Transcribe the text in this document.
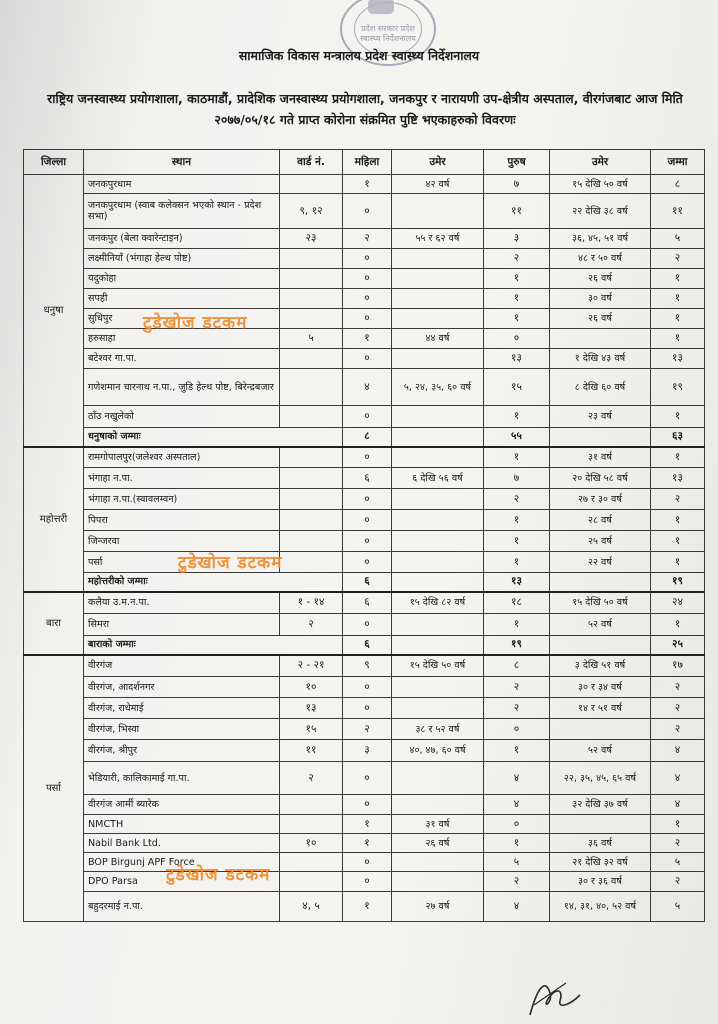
प्रदेश सरकार प्रदेश स्वास्थ्य निर्देशनालय
सामाजिक विकास मन्त्रालय प्रदेश स्वास्थ्य निर्देशनालय
राष्ट्रिय जनस्वास्थ्य प्रयोगशाला, काठमाडौं, प्रादेशिक जनस्वास्थ्य प्रयोगशाला, जनकपुर र नारायणी उप-क्षेत्रीय अस्पताल, वीरगंजबाट आज मिति २०७७/०५/१८ गते प्राप्त कोरोना संक्रमित पुष्टि भएकाहरुको विवरणः
जिल्ला	स्थान	वार्ड नं.	महिला	उमेर	पुरुष	उमेर	जम्मा
धनुषा	जनकपुरधाम		१	४२ वर्ष	७	१५ देखि ५० वर्ष	८
	जनकपुरधाम (स्वाब कलेक्सन भएको स्थान - प्रदेश सभा)	९, १२	०		११	२२ देखि ३८ वर्ष	११
	जनकपुर (बेला क्वारेन्टाइन)	२३	२	५५ र ६२ वर्ष	३	३६, ४५, ५१ वर्ष	५
	लक्ष्मीनियाँ (भंगाहा हेल्थ पोष्ट)		०		२	४८ र ५० वर्ष	२
	यदुकोहा		०		१	२६ वर्ष	१
	सपही		०		१	३० वर्ष	१
	सुधिपुर		०		१	२६ वर्ष	१
	हरुसाहा	५	१	४४ वर्ष	०		१
	बटेश्वर गा.पा.		०		१३	१ देखि ४३ वर्ष	१३
	गणेशमान चारनाथ न.पा., जुडि हेल्थ पोष्ट, बिरेन्द्रबजार		४	५, २४, ३५, ६० वर्ष	१५	८ देखि ६० वर्ष	१९
	ठाँउ नखुलेको		०		१	२३ वर्ष	१
	धनुषाको जम्माः		८		५५		६३
महोत्तरी	रामगोपालपुर(जलेश्वर अस्पताल)		०		१	३१ वर्ष	१
	भंगाहा न.पा.		६	६ देखि ५६ वर्ष	७	२० देखि ५८ वर्ष	१३
	भंगाहा न.पा.(स्वावलम्वन)		०		२	२७ र ३० वर्ष	२
	पिपरा		०		१	२८ वर्ष	१
	जिन्जरवा		०		१	२५ वर्ष	१
	पर्सा		०		१	२२ वर्ष	१
	महोत्तरीको जम्माः		६		१३		१९
बारा	कलैया उ.म.न.पा.	१ - १४	६	१५ देखि ८२ वर्ष	१८	१५ देखि ५० वर्ष	२४
	सिमरा	२	०		१	५२ वर्ष	१
	बाराको जम्माः		६		१९		२५
पर्सा	वीरगंज	२ - २१	९	१५ देखि ५० वर्ष	८	३ देखि ५१ वर्ष	१७
	वीरगंज, आदर्शनगर	१०	०		२	३० र ३४ वर्ष	२
	वीरगंज, राधेमाई	१३	०		२	१४ र ५१ वर्ष	२
	वीरगंज, भिस्वा	१५	२	३८ र ५२ वर्ष	०		२
	वीरगंज, श्रीपुर	११	३	४०, ४७, ६० वर्ष	१	५२ वर्ष	४
	भेडियारी, कालिकामाई गा.पा.	२	०		४	२२, ३५, ४५, ६५ वर्ष	४
	वीरगंज आर्मी ब्यारेक		०		४	३२ देखि ३७ वर्ष	४
	NMCTH		१	३१ वर्ष	०		१
	Nabil Bank Ltd.	१०	१	२६ वर्ष	१	३६ वर्ष	२
	BOP Birgunj APF Force		०		५	२१ देखि ३२ वर्ष	५
	DPO Parsa		०		२	३० र ३६ वर्ष	२
	बहुदरमाई न.पा.	४, ५	१	२७ वर्ष	४	१४, ३१, ४०, ५२ वर्ष	५
टुडेखोज डटकम
टुडेखोज डटकम
टुडेखोज डटकम
